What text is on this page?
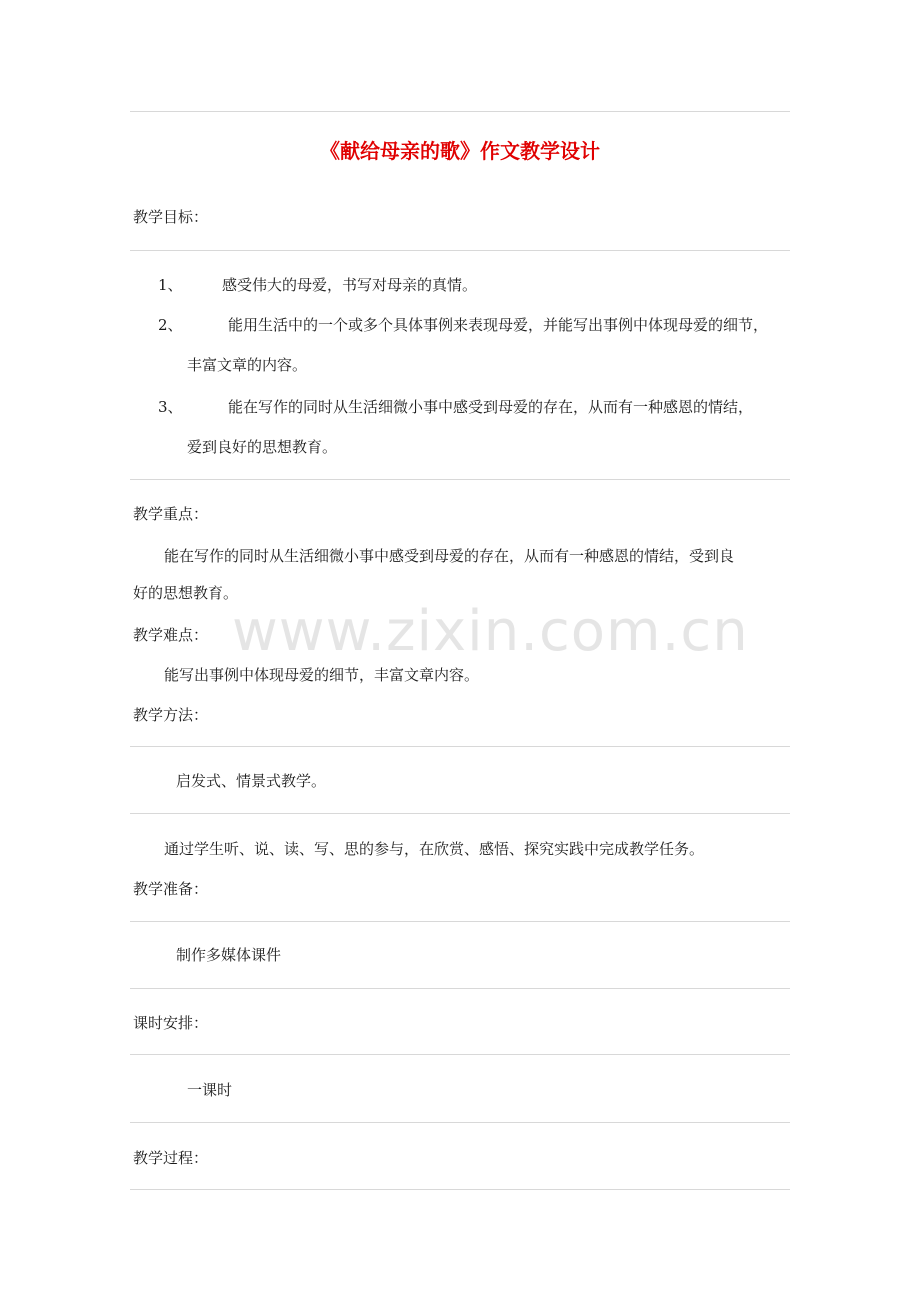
《献给母亲的歌》作文教学设计
教学目标：
1、	感受伟大的母爱，书写对母亲的真情。
2、	能用生活中的一个或多个具体事例来表现母爱，并能写出事例中体现母爱的细节，
丰富文章的内容。
3、	能在写作的同时从生活细微小事中感受到母爱的存在，从而有一种感恩的情结，
爱到良好的思想教育。
教学重点：
能在写作的同时从生活细微小事中感受到母爱的存在，从而有一种感恩的情结，受到良
好的思想教育。
www.zixin.com.cn
教学难点：
能写出事例中体现母爱的细节，丰富文章内容。
教学方法：
启发式、情景式教学。
通过学生听、说、读、写、思的参与，在欣赏、感悟、探究实践中完成教学任务。
教学准备：
制作多媒体课件
课时安排：
一课时
教学过程：
